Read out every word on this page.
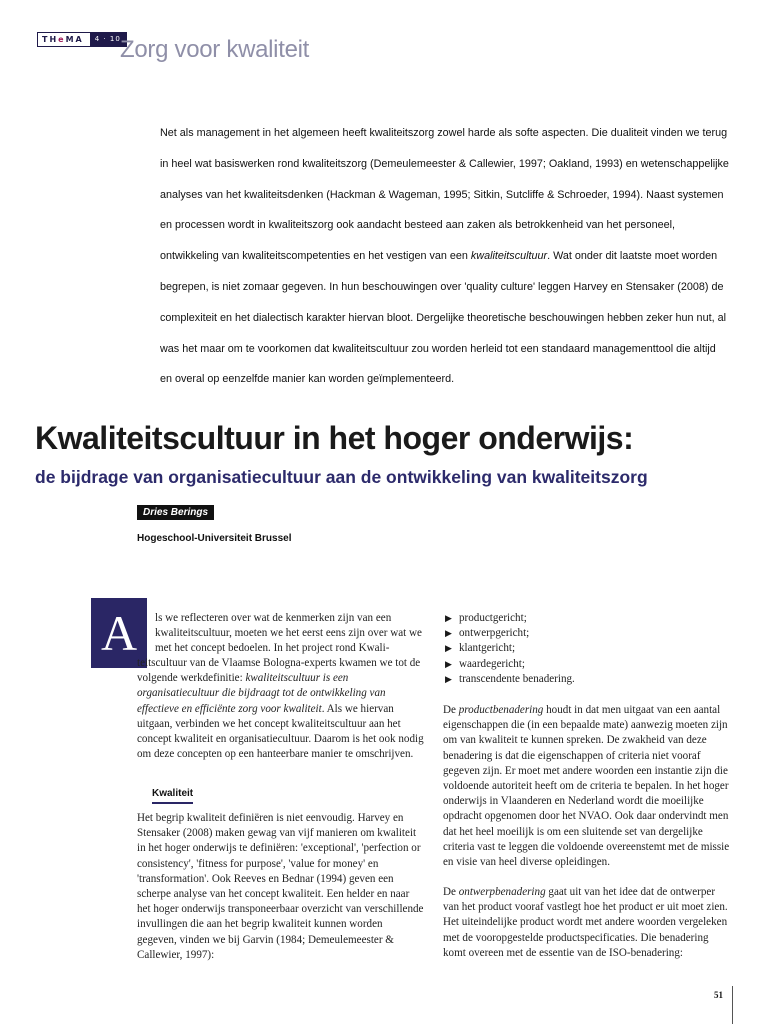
THeMA	4 · 10 Zorg voor kwaliteit
Net als management in het algemeen heeft kwaliteitszorg zowel harde als softe aspecten. Die dualiteit vinden we terug in heel wat basiswerken rond kwaliteitszorg (Demeulemeester & Callewier, 1997; Oakland, 1993) en wetenschappelijke analyses van het kwaliteitsdenken (Hackman & Wageman, 1995; Sitkin, Sutcliffe & Schroeder, 1994). Naast systemen en processen wordt in kwaliteitszorg ook aandacht besteed aan zaken als betrokkenheid van het personeel, ontwikkeling van kwaliteitscompetenties en het vestigen van een kwaliteitscultuur. Wat onder dit laatste moet worden begrepen, is niet zomaar gegeven. In hun beschouwingen over 'quality culture' leggen Harvey en Stensaker (2008) de complexiteit en het dialectisch karakter hiervan bloot. Dergelijke theoretische beschouwingen hebben zeker hun nut, al was het maar om te voorkomen dat kwaliteitscultuur zou worden herleid tot een standaard managementtool die altijd en overal op eenzelfde manier kan worden geïmplementeerd.
Kwaliteitscultuur in het hoger onderwijs:
de bijdrage van organisatiecultuur aan de ontwikkeling van kwaliteitszorg
Dries Berings
Hogeschool-Universiteit Brussel
A	ls we reflecteren over wat de kenmerken zijn van een kwaliteitscultuur, moeten we het eerst eens zijn over wat we met het concept bedoelen. In het project rond Kwali-

teitscultuur van de Vlaamse Bologna-experts kwamen we tot de volgende werkdefinitie: kwaliteitscultuur is een organisatiecultuur die bijdraagt tot de ontwikkeling van effectieve en efficiënte zorg voor kwaliteit. Als we hiervan uitgaan, verbinden we het concept kwaliteitscultuur aan het concept kwaliteit en organisatiecultuur. Daarom is het ook nodig om deze concepten op een hanteerbare manier te omschrijven.

Kwaliteit
Het begrip kwaliteit definiëren is niet eenvoudig. Harvey en Stensaker (2008) maken gewag van vijf manieren om kwaliteit in het hoger onderwijs te definiëren: 'exceptional', 'perfection or consistency', 'fitness for purpose', 'value for money' en 'transformation'. Ook Reeves en Bednar (1994) geven een scherpe analyse van het concept kwaliteit. Een helder en naar het hoger onderwijs transponeerbaar overzicht van verschillende invullingen die aan het begrip kwaliteit kunnen worden gegeven, vinden we bij Garvin (1984; Demeulemeester & Callewier, 1997):
▶ productgericht;
▶ ontwerpgericht;
▶ klantgericht;
▶ waardegericht;
▶ transcendente benadering.
De productbenadering houdt in dat men uitgaat van een aantal eigenschappen die (in een bepaalde mate) aanwezig moeten zijn om van kwaliteit te kunnen spreken. De zwakheid van deze benadering is dat die eigenschappen of criteria niet vooraf gegeven zijn. Er moet met andere woorden een instantie zijn die voldoende autoriteit heeft om de criteria te bepalen. In het hoger onderwijs in Vlaanderen en Nederland wordt die moeilijke opdracht opgenomen door het NVAO. Ook daar ondervindt men dat het heel moeilijk is om een sluitende set van dergelijke criteria vast te leggen die voldoende overeenstemt met de missie en visie van heel diverse opleidingen.
De ontwerpbenadering gaat uit van het idee dat de ontwerper van het product vooraf vastlegt hoe het product er uit moet zien. Het uiteindelijke product wordt met andere woorden vergeleken met de vooropgestelde productspecificaties. Die benadering komt overeen met de essentie van de ISO-benadering:
51
